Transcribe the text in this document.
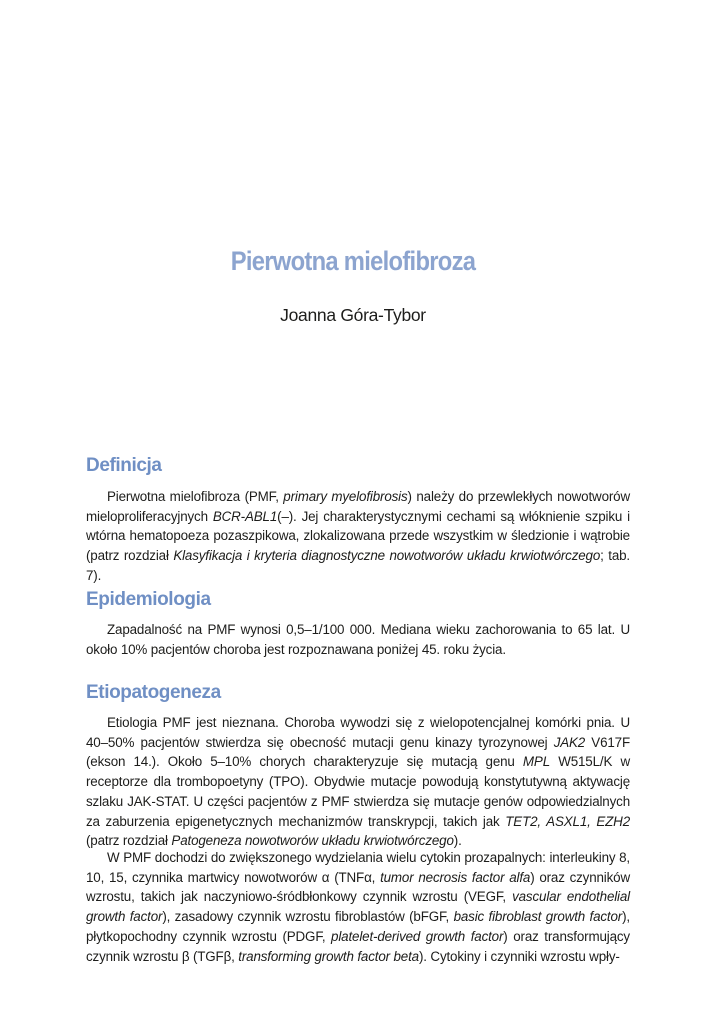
Pierwotna mielofibroza

Joanna Góra-Tybor

Definicja

Pierwotna mielofibroza (PMF, primary myelofibrosis) należy do przewlekłych nowotworów mieloproliferacyjnych BCR-ABL1(–). Jej charakterystycznymi cechami są włóknienie szpiku i wtórna hematopoeza pozaszpikowa, zlokalizowana przede wszystkim w śledzionie i wątrobie (patrz rozdział Klasyfikacja i kryteria diagnostyczne nowotworów układu krwiotwórczego; tab. 7).

Epidemiologia

Zapadalność na PMF wynosi 0,5–1/100 000. Mediana wieku zachorowania to 65 lat. U około 10% pacjentów choroba jest rozpoznawana poniżej 45. roku życia.

Etiopatogeneza

Etiologia PMF jest nieznana. Choroba wywodzi się z wielopotencjalnej komórki pnia. U 40–50% pacjentów stwierdza się obecność mutacji genu kinazy tyrozynowej JAK2 V617F (ekson 14.). Około 5–10% chorych charakteryzuje się mutacją genu MPL W515L/K w receptorze dla trombopoetyny (TPO). Obydwie mutacje powodują konstytutywną aktywację szlaku JAK-STAT. U części pacjentów z PMF stwierdza się mutacje genów odpowiedzialnych za zaburzenia epigenetycznych mechanizmów transkrypcji, takich jak TET2, ASXL1, EZH2 (patrz rozdział Patogeneza nowotworów układu krwiotwórczego).

W PMF dochodzi do zwiększonego wydzielania wielu cytokin prozapalnych: interleukiny 8, 10, 15, czynnika martwicy nowotworów α (TNFα, tumor necrosis factor alfa) oraz czynników wzrostu, takich jak naczyniowo-śródbłonkowy czynnik wzrostu (VEGF, vascular endothelial growth factor), zasadowy czynnik wzrostu fibroblastów (bFGF, basic fibroblast growth factor), płytkopochodny czynnik wzrostu (PDGF, platelet-derived growth factor) oraz transformujący czynnik wzrostu β (TGFβ, transforming growth factor beta). Cytokiny i czynniki wzrostu wpły-
